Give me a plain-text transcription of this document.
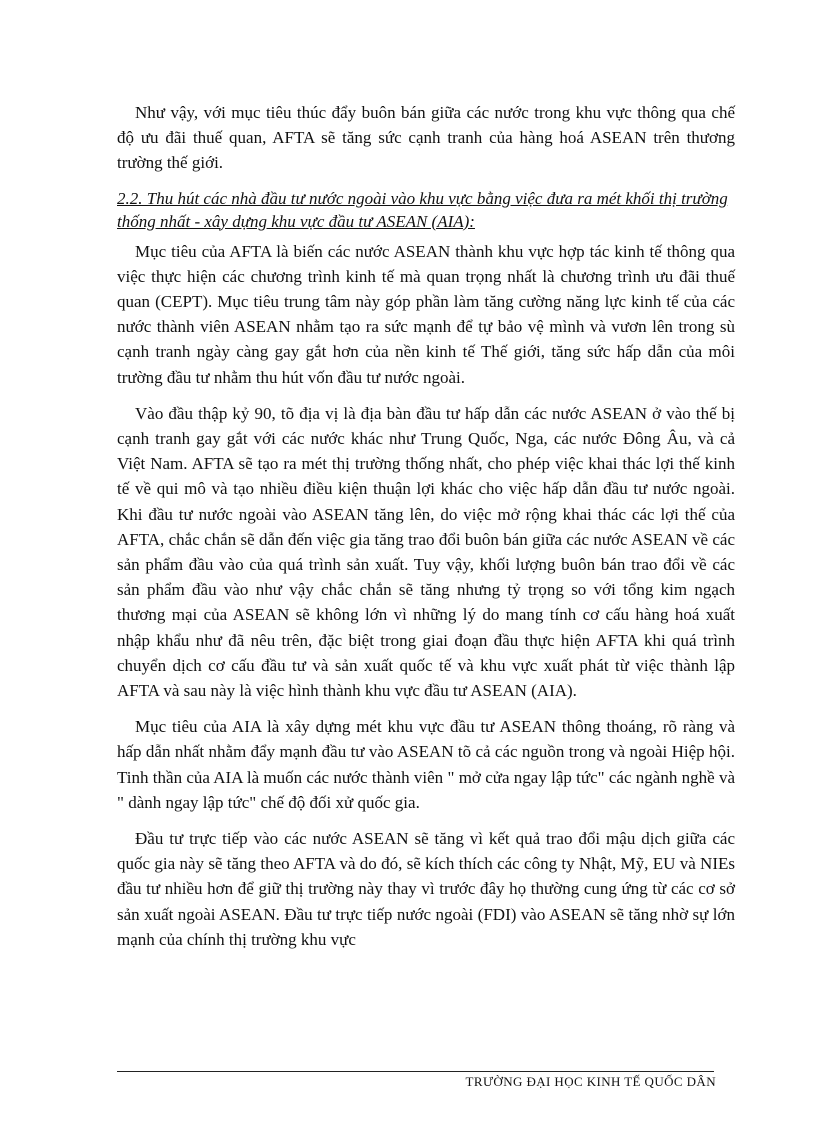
Như vậy, với mục tiêu thúc đẩy buôn bán giữa các nước trong khu vực thông qua chế độ ưu đãi thuế quan, AFTA sẽ tăng sức cạnh tranh của hàng hoá ASEAN trên thương trường thế giới.

2.2. Thu hút các nhà đầu tư nước ngoài vào khu vực bằng việc đưa ra mét khối thị trường thống nhất - xây dựng khu vực đầu tư ASEAN (AIA):

Mục tiêu của AFTA là biến các nước ASEAN thành khu vực hợp tác kinh tế thông qua việc thực hiện các chương trình kinh tế mà quan trọng nhất là chương trình ưu đãi thuế quan (CEPT). Mục tiêu trung tâm này góp phần làm tăng cường năng lực kinh tế của các nước thành viên ASEAN nhằm tạo ra sức mạnh để tự bảo vệ mình và vươn lên trong sù cạnh tranh ngày càng gay gắt hơn của nền kinh tế Thế giới, tăng sức hấp dẫn của môi trường đầu tư nhằm thu hút vốn đầu tư nước ngoài.

Vào đầu thập kỷ 90, tõ địa vị là địa bàn đầu tư hấp dẫn các nước ASEAN ở vào thế bị cạnh tranh gay gắt với các nước khác như Trung Quốc, Nga, các nước Đông Âu, và cả Việt Nam. AFTA sẽ tạo ra mét thị trường thống nhất, cho phép việc khai thác lợi thế kinh tế về qui mô và tạo nhiều điều kiện thuận lợi khác cho việc hấp dẫn đầu tư nước ngoài. Khi đầu tư nước ngoài vào ASEAN tăng lên, do việc mở rộng khai thác các lợi thế của AFTA, chắc chắn sẽ dẫn đến việc gia tăng trao đổi buôn bán giữa các nước ASEAN về các sản phẩm đầu vào của quá trình sản xuất. Tuy vậy, khối lượng buôn bán trao đổi về các sản phẩm đầu vào như vậy chắc chắn sẽ tăng nhưng tỷ trọng so với tổng kim ngạch thương mại của ASEAN sẽ không lớn vì những lý do mang tính cơ cấu hàng hoá xuất nhập khẩu như đã nêu trên, đặc biệt trong giai đoạn đầu thực hiện AFTA khi quá trình chuyển dịch cơ cấu đầu tư và sản xuất quốc tế và khu vực xuất phát từ việc thành lập AFTA và sau này là việc hình thành khu vực đầu tư ASEAN (AIA).

Mục tiêu của AIA là xây dựng mét khu vực đầu tư ASEAN thông thoáng, rõ ràng và hấp dẫn nhất nhằm đẩy mạnh đầu tư vào ASEAN tõ cả các nguồn trong và ngoài Hiệp hội. Tinh thần của AIA là muốn các nước thành viên " mở cửa ngay lập tức" các ngành nghề và " dành ngay lập tức" chế độ đối xử quốc gia.

Đầu tư trực tiếp vào các nước ASEAN sẽ tăng vì kết quả trao đổi mậu dịch giữa các quốc gia này sẽ tăng theo AFTA và do đó, sẽ kích thích các công ty Nhật, Mỹ, EU và NIEs đầu tư nhiều hơn để giữ thị trường này thay vì trước đây họ thường cung ứng từ các cơ sở sản xuất ngoài ASEAN. Đầu tư trực tiếp nước ngoài (FDI) vào ASEAN sẽ tăng nhờ sự lớn mạnh của chính thị trường khu vực

TRƯỜNG ĐẠI HỌC KINH TẾ QUỐC DÂN
